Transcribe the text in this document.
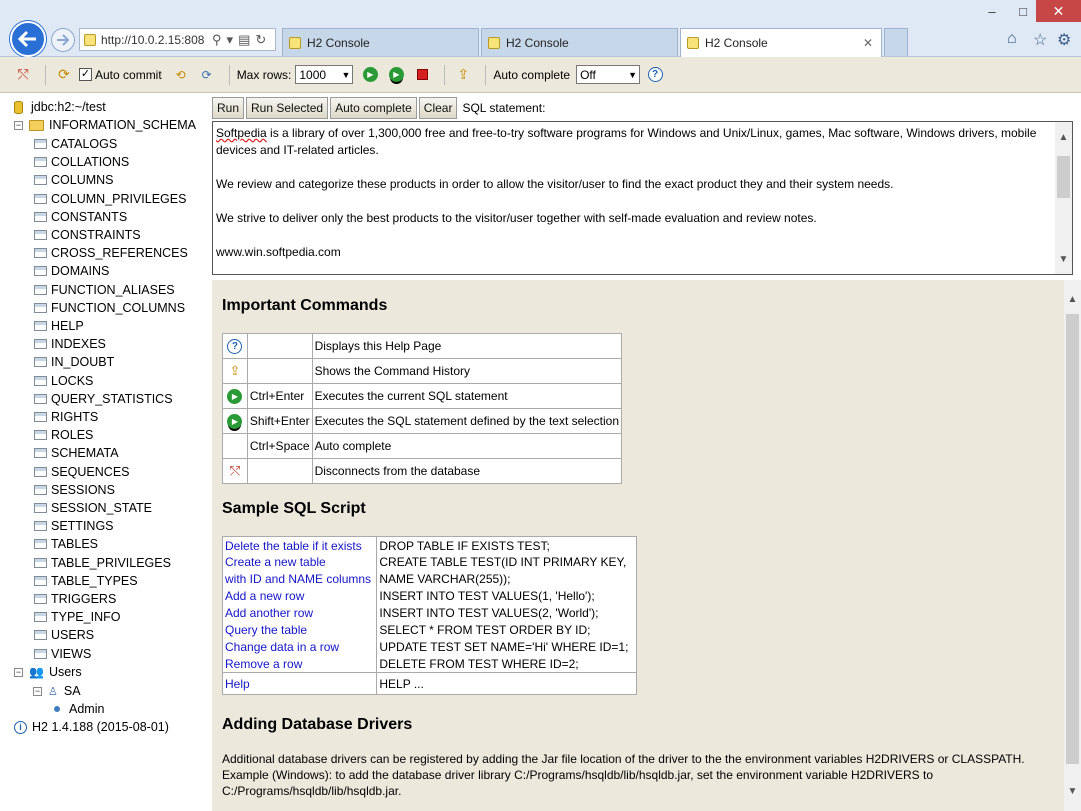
http://10.0.2.15:808 ⚲ ▾ ▤ ↻	H2 Console	H2 Console	H2 Console	✕
–	□	✕
⌂ ☆ ⚙
⤲	⟳	✓ Auto commit	⟲	⟳	Max rows: 1000 ▼	▶	▶	⇪	Auto complete Off	▼	?
jdbc:h2:~/test
− INFORMATION_SCHEMA
CATALOGS
COLLATIONS
COLUMNS
COLUMN_PRIVILEGES
CONSTANTS
CONSTRAINTS
CROSS_REFERENCES
DOMAINS
FUNCTION_ALIASES
FUNCTION_COLUMNS
HELP
INDEXES
IN_DOUBT
LOCKS
QUERY_STATISTICS
RIGHTS
ROLES
SCHEMATA
SEQUENCES
SESSIONS
SESSION_STATE
SETTINGS
TABLES
TABLE_PRIVILEGES
TABLE_TYPES
TRIGGERS
TYPE_INFO
USERS
VIEWS
− 👥 Users
− ♙ SA
Admin
i H2 1.4.188 (2015-08-01)
Run	Run Selected	Auto complete	Clear SQL statement:

Softpedia is a library of over 1,300,000 free and free-to-try software programs for Windows and Unix/Linux, games, Mac software, Windows drivers, mobile devices and IT-related articles.

We review and categorize these products in order to allow the visitor/user to find the exact product they and their system needs.

We strive to deliver only the best products to the visitor/user together with self-made evaluation and review notes.

www.win.softpedia.com

▲
▼
Important Commands
?		Displays this Help Page
⇪		Shows the Command History
▶	Ctrl+Enter	Executes the current SQL statement
▶	Shift+Enter	Executes the SQL statement defined by the text selection
	Ctrl+Space	Auto complete
⤲		Disconnects from the database
Sample SQL Script
Delete the table if it exists	DROP TABLE IF EXISTS TEST;
Create a new table	CREATE TABLE TEST(ID INT PRIMARY KEY,
with ID and NAME columns	NAME VARCHAR(255));
Add a new row	INSERT INTO TEST VALUES(1, 'Hello');
Add another row	INSERT INTO TEST VALUES(2, 'World');
Query the table	SELECT * FROM TEST ORDER BY ID;
Change data in a row	UPDATE TEST SET NAME='Hi' WHERE ID=1;
Remove a row	DELETE FROM TEST WHERE ID=2;
Help	HELP ...
Adding Database Drivers
Additional database drivers can be registered by adding the Jar file location of the driver to the the environment variables H2DRIVERS or CLASSPATH. Example (Windows): to add the database driver library C:/Programs/hsqldb/lib/hsqldb.jar, set the environment variable H2DRIVERS to C:/Programs/hsqldb/lib/hsqldb.jar.
▲
▼
